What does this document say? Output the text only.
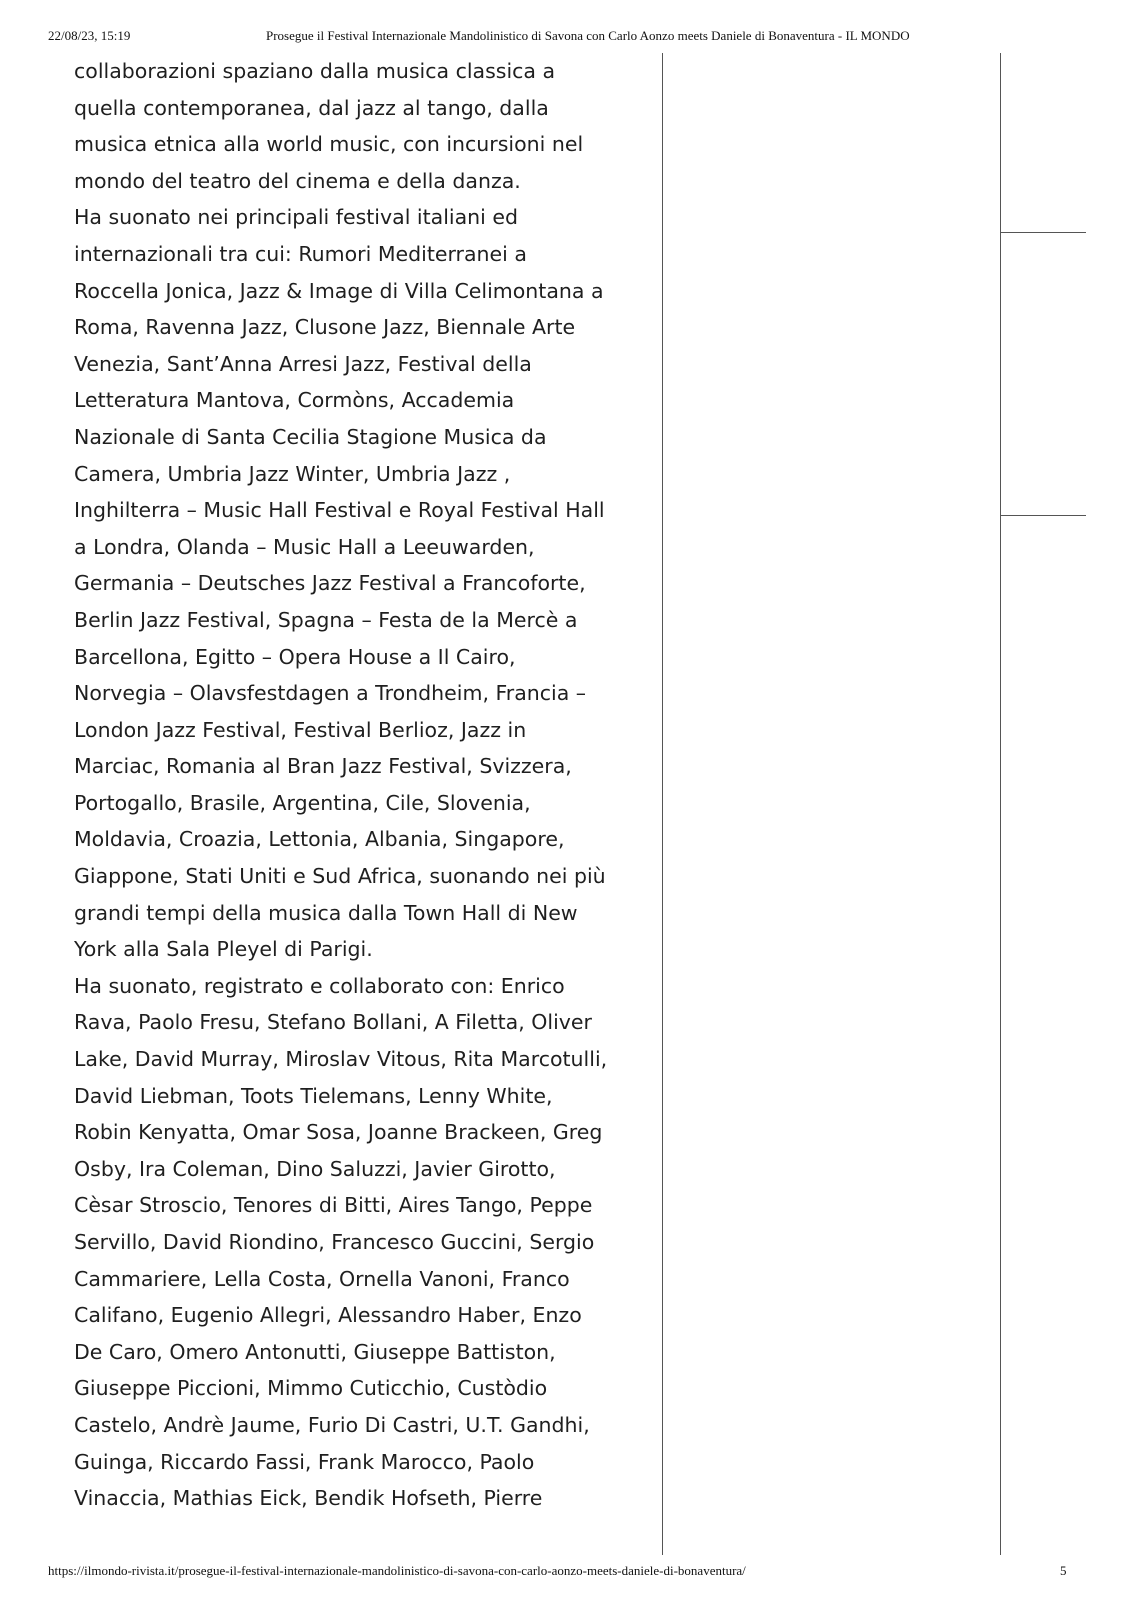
22/08/23, 15:19	Prosegue il Festival Internazionale Mandolinistico di Savona con Carlo Aonzo meets Daniele di Bonaventura - IL MONDO

collaborazioni spaziano dalla musica classica a
quella contemporanea, dal jazz al tango, dalla
musica etnica alla world music, con incursioni nel
mondo del teatro del cinema e della danza.

Ha suonato nei principali festival italiani ed
internazionali tra cui: Rumori Mediterranei a
Roccella Jonica, Jazz & Image di Villa Celimontana a
Roma, Ravenna Jazz, Clusone Jazz, Biennale Arte
Venezia, Sant’Anna Arresi Jazz, Festival della
Letteratura Mantova, Cormòns, Accademia
Nazionale di Santa Cecilia Stagione Musica da
Camera, Umbria Jazz Winter, Umbria Jazz ,
Inghilterra – Music Hall Festival e Royal Festival Hall
a Londra, Olanda – Music Hall a Leeuwarden,
Germania – Deutsches Jazz Festival a Francoforte,
Berlin Jazz Festival, Spagna – Festa de la Mercè a
Barcellona, Egitto – Opera House a Il Cairo,
Norvegia – Olavsfestdagen a Trondheim, Francia –
London Jazz Festival, Festival Berlioz, Jazz in
Marciac, Romania al Bran Jazz Festival, Svizzera,
Portogallo, Brasile, Argentina, Cile, Slovenia,
Moldavia, Croazia, Lettonia, Albania, Singapore,
Giappone, Stati Uniti e Sud Africa, suonando nei più
grandi tempi della musica dalla Town Hall di New
York alla Sala Pleyel di Parigi.

Ha suonato, registrato e collaborato con: Enrico
Rava, Paolo Fresu, Stefano Bollani, A Filetta, Oliver
Lake, David Murray, Miroslav Vitous, Rita Marcotulli,
David Liebman, Toots Tielemans, Lenny White,
Robin Kenyatta, Omar Sosa, Joanne Brackeen, Greg
Osby, Ira Coleman, Dino Saluzzi, Javier Girotto,
Cèsar Stroscio, Tenores di Bitti, Aires Tango, Peppe
Servillo, David Riondino, Francesco Guccini, Sergio
Cammariere, Lella Costa, Ornella Vanoni, Franco
Califano, Eugenio Allegri, Alessandro Haber, Enzo
De Caro, Omero Antonutti, Giuseppe Battiston,
Giuseppe Piccioni, Mimmo Cuticchio, Custòdio
Castelo, Andrè Jaume, Furio Di Castri, U.T. Gandhi,
Guinga, Riccardo Fassi, Frank Marocco, Paolo
Vinaccia, Mathias Eick, Bendik Hofseth, Pierre

https://ilmondo-rivista.it/prosegue-il-festival-internazionale-mandolinistico-di-savona-con-carlo-aonzo-meets-daniele-di-bonaventura/	5
